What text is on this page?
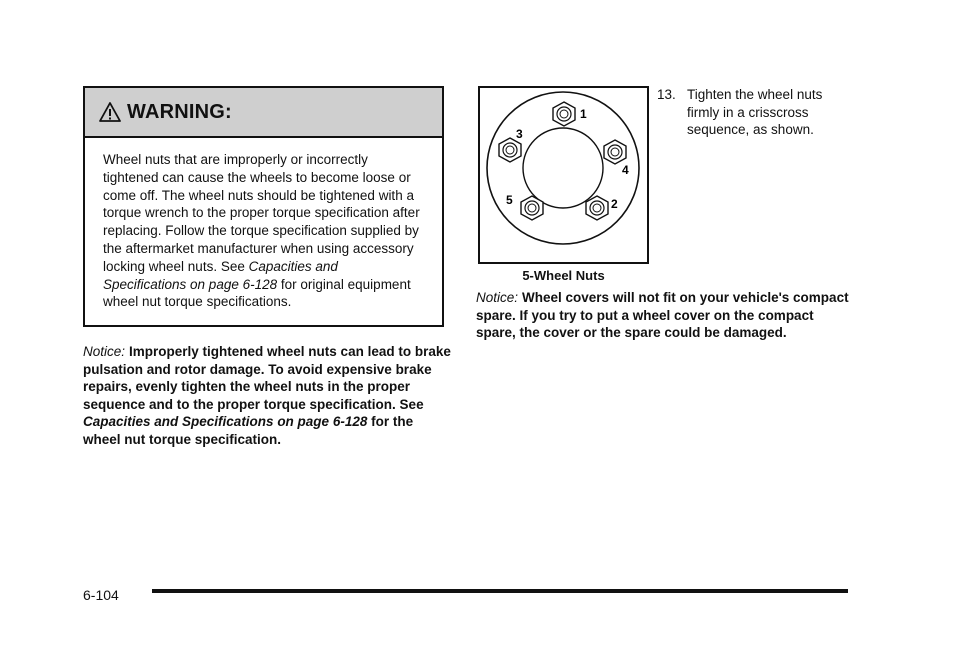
WARNING:
Wheel nuts that are improperly or incorrectly tightened can cause the wheels to become loose or come off. The wheel nuts should be tightened with a torque wrench to the proper torque specification after replacing. Follow the torque specification supplied by the aftermarket manufacturer when using accessory locking wheel nuts. See Capacities and Specifications on page 6-128 for original equipment wheel nut torque specifications.
Notice: Improperly tightened wheel nuts can lead to brake pulsation and rotor damage. To avoid expensive brake repairs, evenly tighten the wheel nuts in the proper sequence and to the proper torque specification. See Capacities and Specifications on page 6-128 for the wheel nut torque specification.
1
2
3
4
5
5-Wheel Nuts
13. Tighten the wheel nuts
firmly in a crisscross
sequence, as shown.
Notice: Wheel covers will not fit on your vehicle's compact spare. If you try to put a wheel cover on the compact spare, the cover or the spare could be damaged.
6-104
